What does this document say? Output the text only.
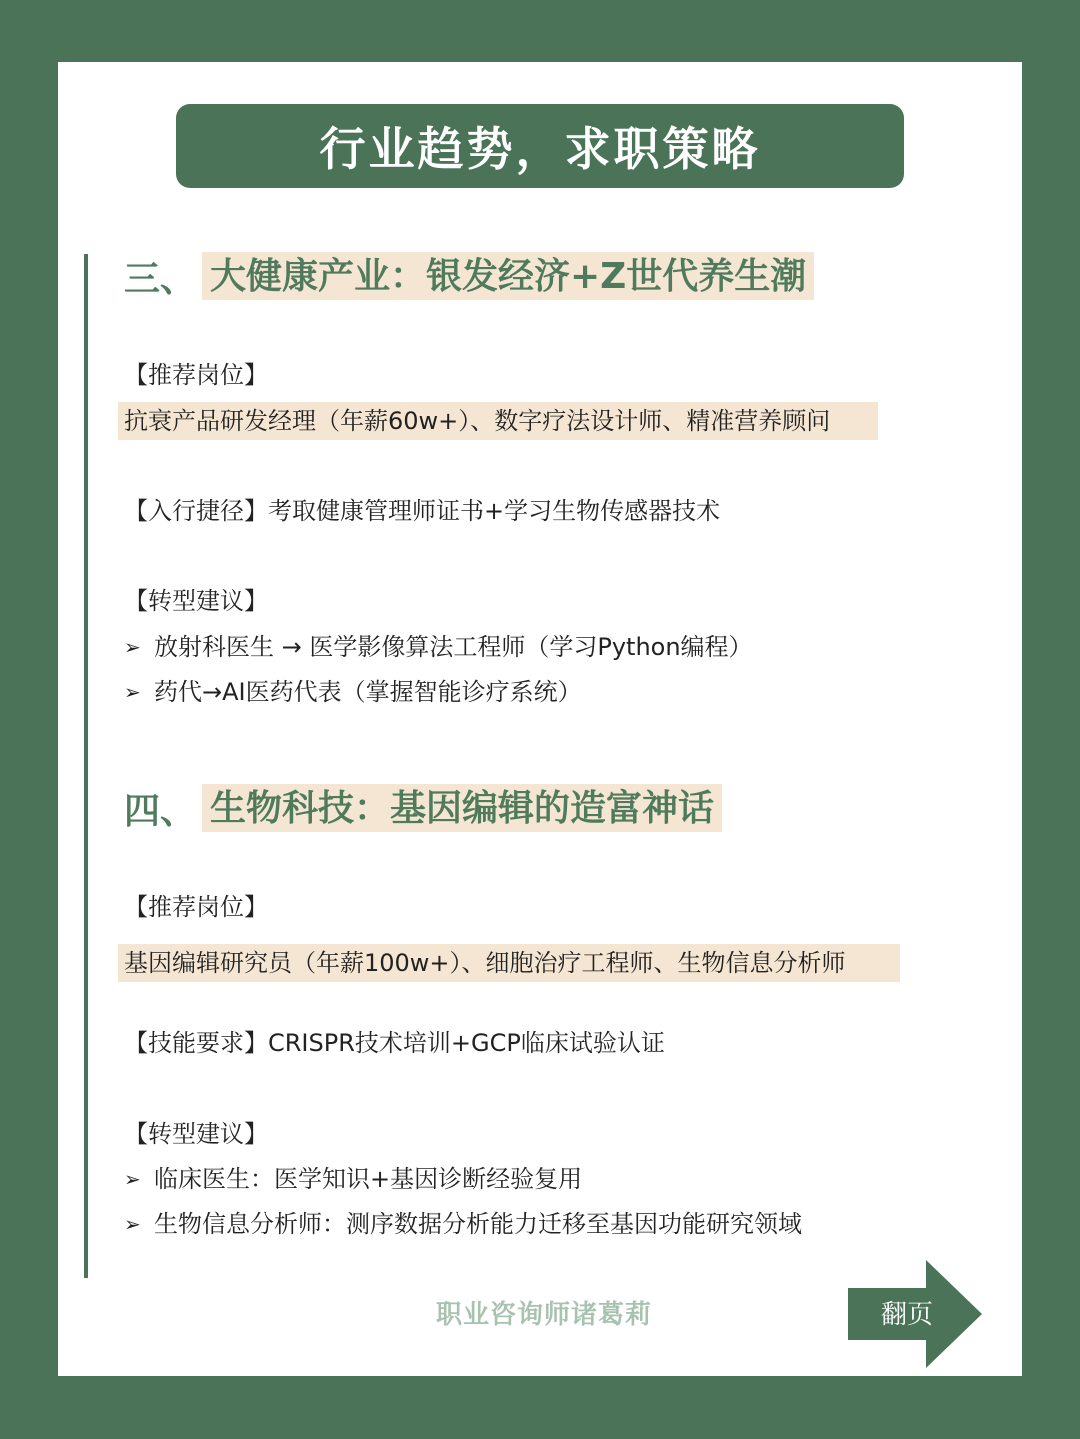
行业趋势，求职策略
三、 大健康产业：银发经济+Z世代养生潮
【推荐岗位】
抗衰产品研发经理（年薪60w+）、数字疗法设计师、精准营养顾问
【入行捷径】考取健康管理师证书+学习生物传感器技术
【转型建议】
➢ 放射科医生 → 医学影像算法工程师（学习Python编程）
➢ 药代→AI医药代表（掌握智能诊疗系统）
四、 生物科技：基因编辑的造富神话
【推荐岗位】
基因编辑研究员（年薪100w+）、细胞治疗工程师、生物信息分析师
【技能要求】CRISPR技术培训+GCP临床试验认证
【转型建议】
➢ 临床医生：医学知识+基因诊断经验复用
➢ 生物信息分析师：测序数据分析能力迁移至基因功能研究领域
职业咨询师诸葛莉	翻页
